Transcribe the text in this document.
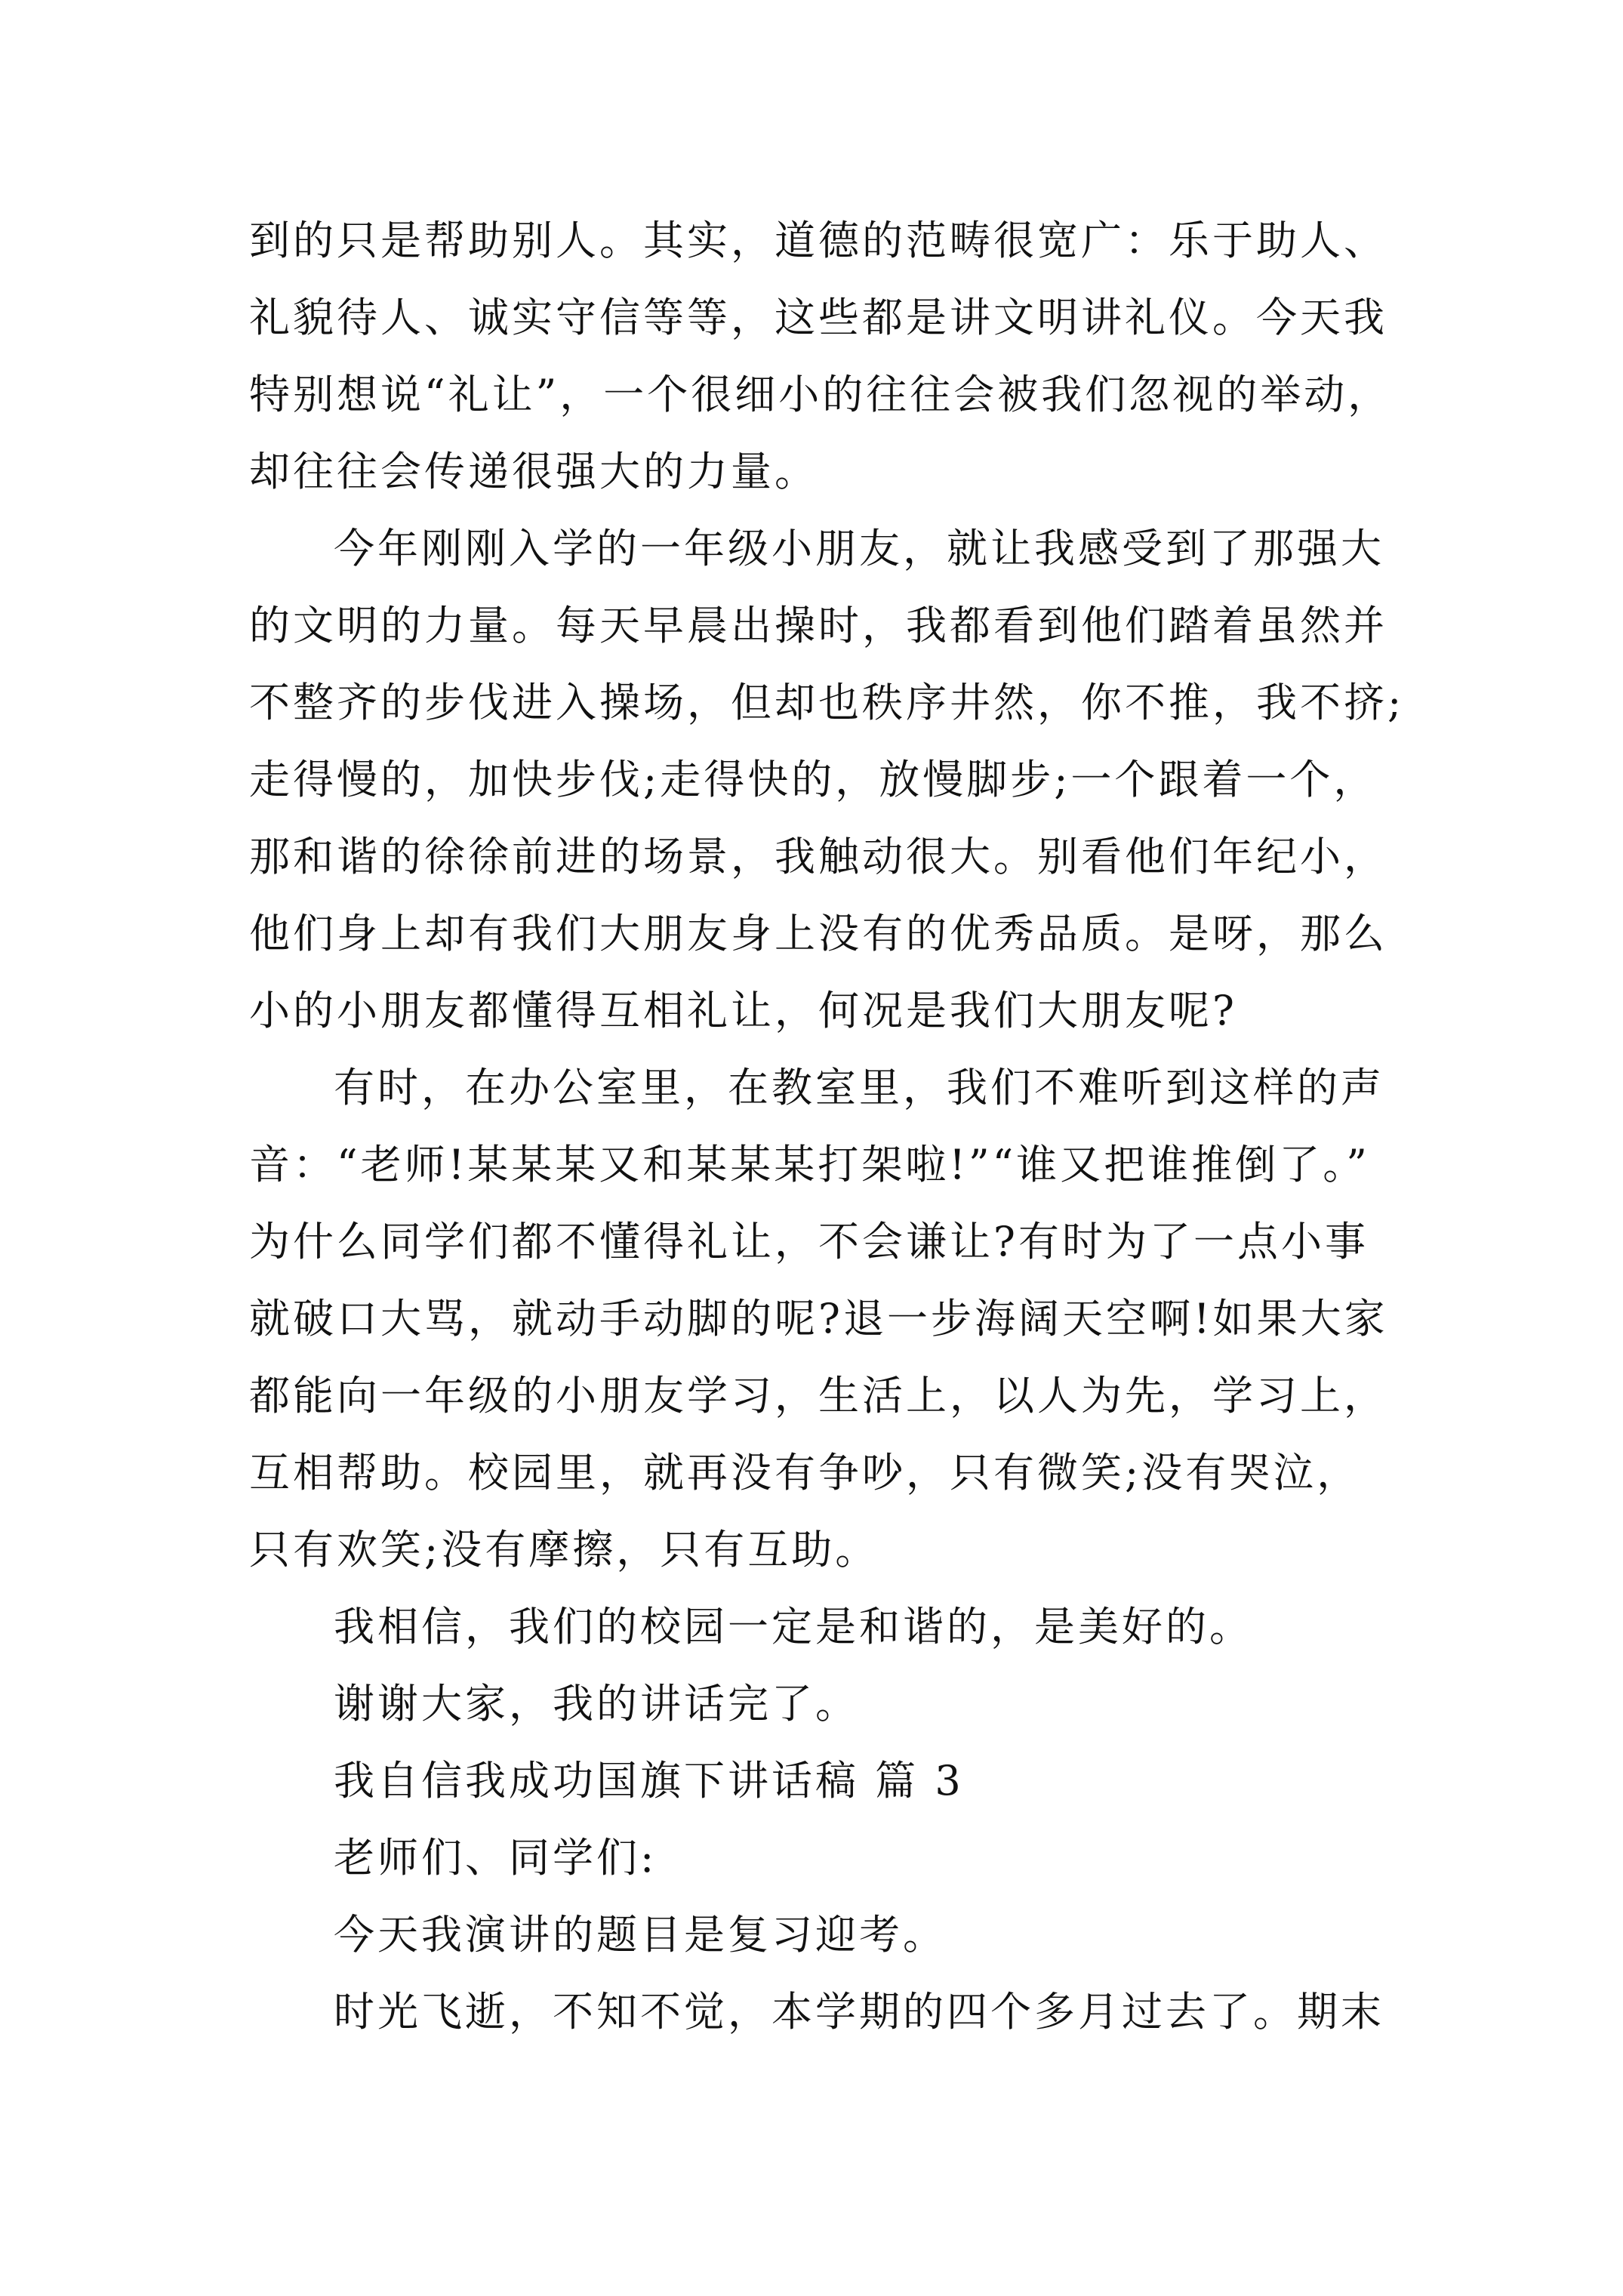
到的只是帮助别人。其实，道德的范畴很宽广：乐于助人、
礼貌待人、诚实守信等等，这些都是讲文明讲礼仪。今天我
特别想说“礼让”，一个很细小的往往会被我们忽视的举动，
却往往会传递很强大的力量。
今年刚刚入学的一年级小朋友，就让我感受到了那强大
的文明的力量。每天早晨出操时，我都看到他们踏着虽然并
不整齐的步伐进入操场，但却也秩序井然，你不推，我不挤;
走得慢的，加快步伐;走得快的，放慢脚步;一个跟着一个，
那和谐的徐徐前进的场景，我触动很大。别看他们年纪小，
他们身上却有我们大朋友身上没有的优秀品质。是呀，那么
小的小朋友都懂得互相礼让，何况是我们大朋友呢?
有时，在办公室里，在教室里，我们不难听到这样的声
音：“老师!某某某又和某某某打架啦!”“谁又把谁推倒了。”
为什么同学们都不懂得礼让，不会谦让?有时为了一点小事
就破口大骂，就动手动脚的呢?退一步海阔天空啊!如果大家
都能向一年级的小朋友学习，生活上，以人为先，学习上，
互相帮助。校园里，就再没有争吵，只有微笑;没有哭泣，
只有欢笑;没有摩擦，只有互助。
我相信，我们的校园一定是和谐的，是美好的。
谢谢大家，我的讲话完了。
我自信我成功国旗下讲话稿 篇 3
老师们、同学们:
今天我演讲的题目是复习迎考。
时光飞逝，不知不觉，本学期的四个多月过去了。期末
